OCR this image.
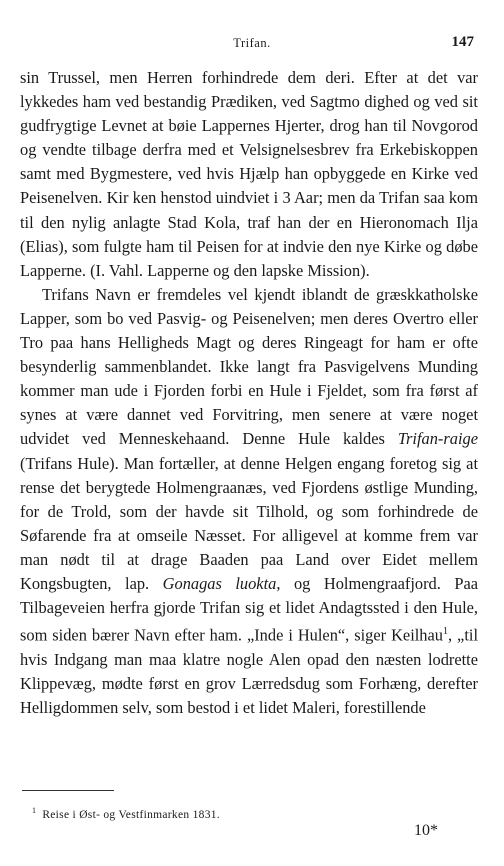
Trifan.	147

sin Trussel, men Herren forhindrede dem deri. Efter at det var lykkedes ham ved bestandig Prædiken, ved Sagtmo dighed og ved sit gudfrygtige Levnet at bøie Lappernes Hjerter, drog han til Novgorod og vendte tilbage derfra med et Velsignelsesbrev fra Erkebiskoppen samt med Bygmestere, ved hvis Hjælp han opbyggede en Kirke ved Peisenelven. Kir ken henstod uindviet i 3 Aar; men da Trifan saa kom til den nylig anlagte Stad Kola, traf han der en Hieronomach Ilja (Elias), som fulgte ham til Peisen for at indvie den nye Kirke og døbe Lapperne. (I. Vahl. Lapperne og den lapske Mission).

Trifans Navn er fremdeles vel kjendt iblandt de græskkatholske Lapper, som bo ved Pasvig- og Peisenelven; men deres Overtro eller Tro paa hans Helligheds Magt og deres Ringeagt for ham er ofte besynderlig sammenblandet. Ikke langt fra Pasvigelvens Munding kommer man ude i Fjorden forbi en Hule i Fjeldet, som fra først af synes at være dannet ved Forvitring, men senere at være noget udvidet ved Menneskehaand. Denne Hule kaldes Trifan-raige (Trifans Hule). Man fortæller, at denne Helgen engang foretog sig at rense det berygtede Holmengraanæs, ved Fjordens østlige Munding, for de Trold, som der havde sit Tilhold, og som forhindrede de Søfarende fra at omseile Næsset. For alligevel at komme frem var man nødt til at drage Baaden paa Land over Eidet mellem Kongsbugten, lap. Gonagas luokta, og Holmengraafjord. Paa Tilbageveien herfra gjorde Trifan sig et lidet Andagtssted i den Hule, som siden bærer Navn efter ham. „Inde i Hulen“, siger Keilhau$^1$, „til hvis Indgang man maa klatre nogle Alen opad den næsten lodrette Klippevæg, mødte først en grov Lærredsdug som Forhæng, derefter Helligdommen selv, som bestod i et lidet Maleri, forestillende

$^1$ Reise i Øst- og Vestfinmarken 1831.
10*
